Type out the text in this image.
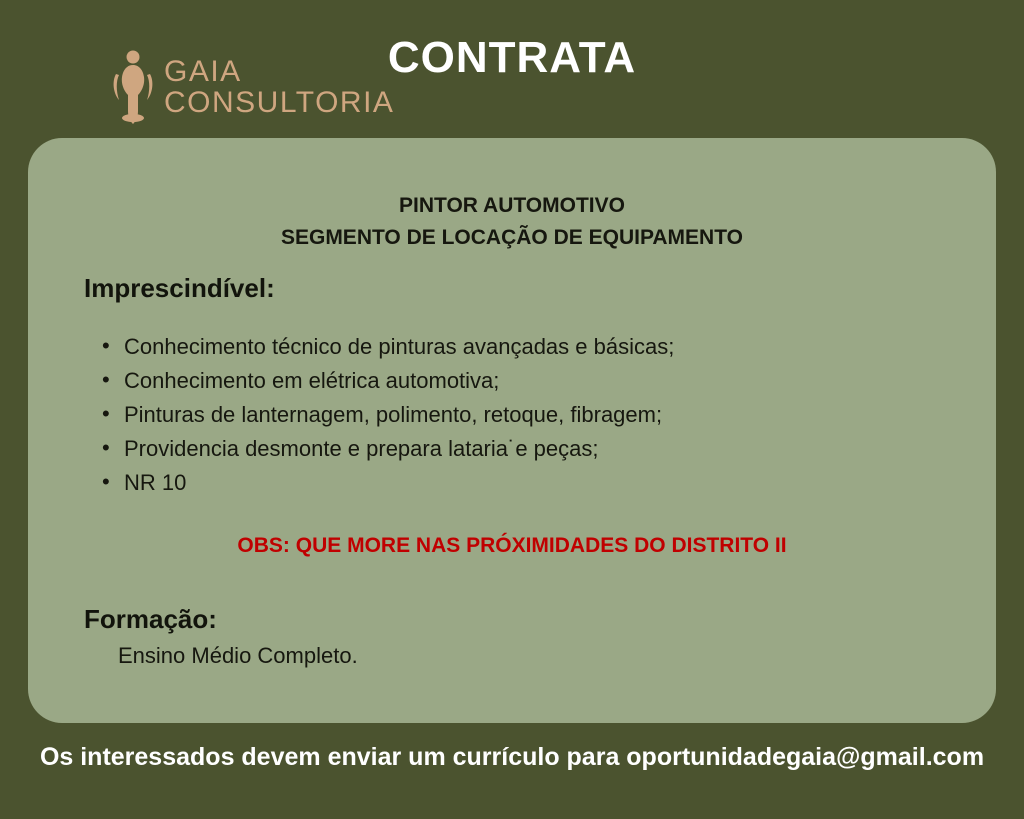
GAIA
CONSULTORIA
CONTRATA
PINTOR AUTOMOTIVO
SEGMENTO DE LOCAÇÃO DE EQUIPAMENTO
Imprescindível:
• Conhecimento técnico de pinturas avançadas e básicas;
• Conhecimento em elétrica automotiva;
• Pinturas de lanternagem, polimento, retoque, fibragem;
• Providencia desmonte e prepara lataria˙e peças;
• NR 10
OBS: QUE MORE NAS PRÓXIMIDADES DO DISTRITO II
Formação:
Ensino Médio Completo.
Os interessados devem enviar um currículo para oportunidadegaia@gmail.com
